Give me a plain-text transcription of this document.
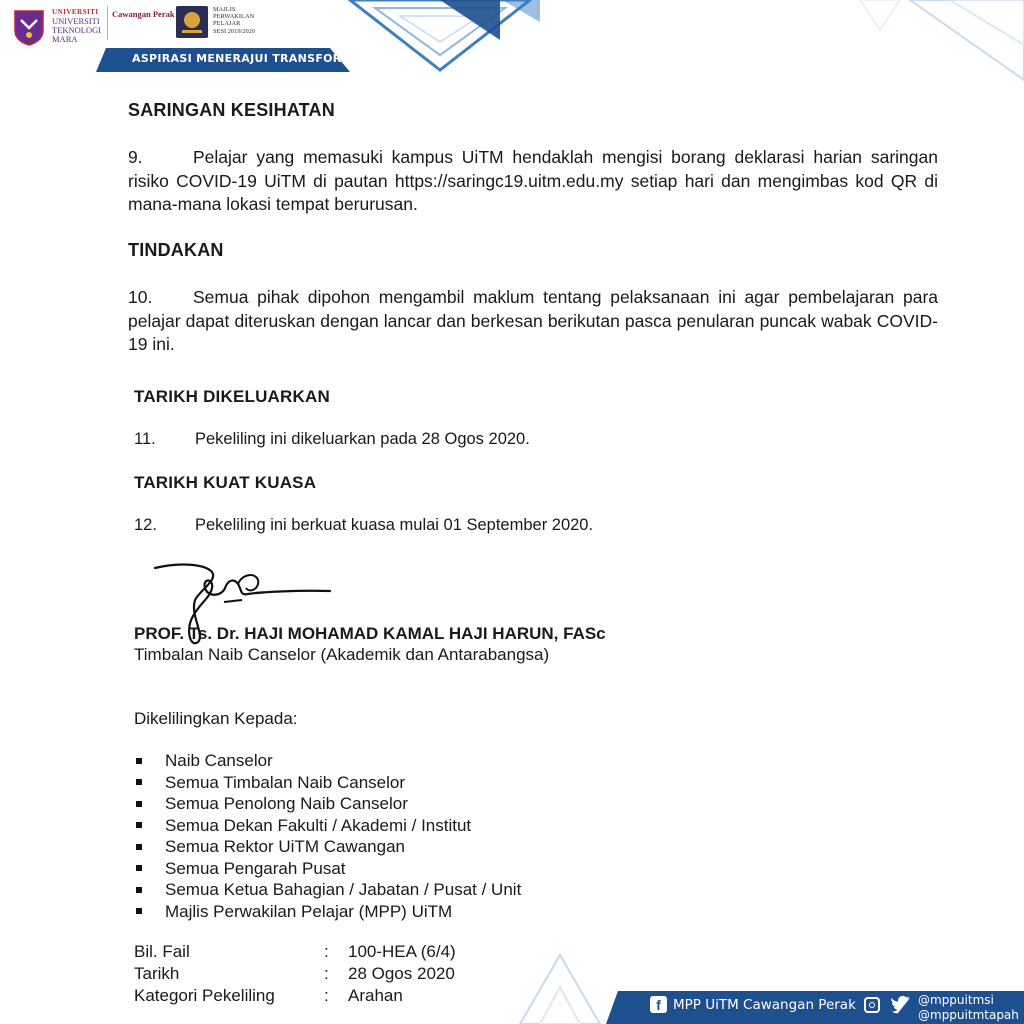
UNIVERSITI
UNIVERSITI
TEKNOLOGI
MARA
Cawangan Perak	MAJLIS
PERWAKILAN
PELAJAR
SESI 2019/2020
ASPIRASI MENERAJUI TRANSFORMASI
SARINGAN KESIHATAN

9.	Pelajar yang memasuki kampus UiTM hendaklah mengisi borang deklarasi harian saringan risiko COVID-19 UiTM di pautan https://saringc19.uitm.edu.my setiap hari dan mengimbas kod QR di mana-mana lokasi tempat berurusan.

TINDAKAN

10. Semua pihak dipohon mengambil maklum tentang pelaksanaan ini agar pembelajaran para pelajar dapat diteruskan dengan lancar dan berkesan berikutan pasca penularan puncak wabak COVID-19 ini.

TARIKH DIKELUARKAN

11. Pekeliling ini dikeluarkan pada 28 Ogos 2020.

TARIKH KUAT KUASA

12. Pekeliling ini berkuat kuasa mulai 01 September 2020.

PROF. Ts. Dr. HAJI MOHAMAD KAMAL HAJI HARUN, FASc

Timbalan Naib Canselor (Akademik dan Antarabangsa)

Dikelilingkan Kepada:

Naib Canselor
Semua Timbalan Naib Canselor
Semua Penolong Naib Canselor
Semua Dekan Fakulti / Akademi / Institut
Semua Rektor UiTM Cawangan
Semua Pengarah Pusat
Semua Ketua Bahagian / Jabatan / Pusat / Unit
Majlis Perwakilan Pelajar (MPP) UiTM
Bil. Fail	:	100-HEA (6/4)
Tarikh	:	28 Ogos 2020
Kategori Pekeliling	:	Arahan	f MPP UiTM Cawangan Perak	@mppuitmsi
@mppuitmtapah
